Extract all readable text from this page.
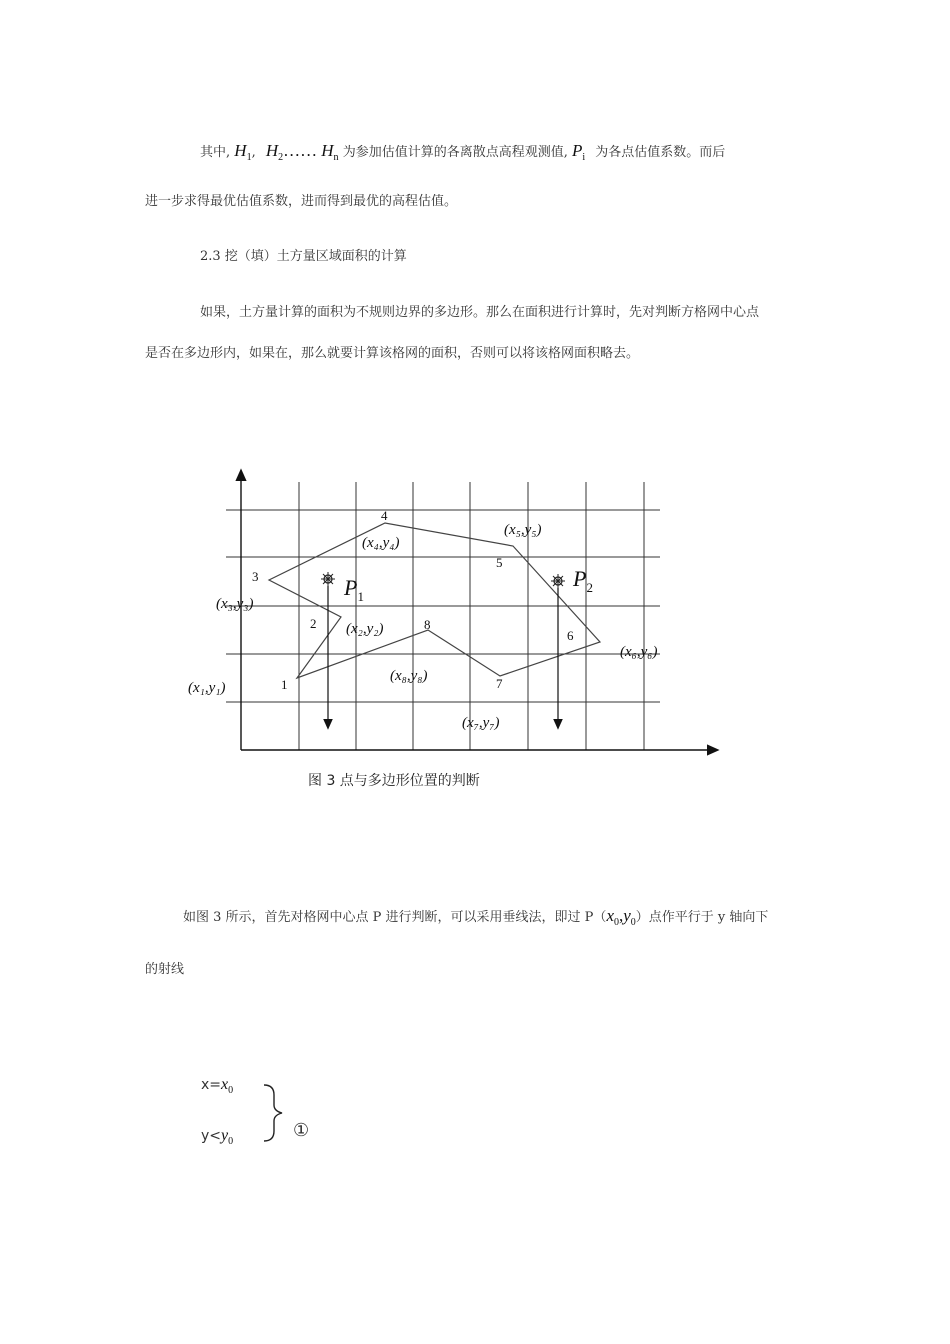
其中, $H_1$, $H_2\dots\dots$ $H_n$ 为参加估值计算的各离散点高程观测值, $P_i$ 为各点估值系数。而后
进一步求得最优估值系数，进而得到最优的高程估值。
2.3 挖（填）土方量区域面积的计算
如果，土方量计算的面积为不规则边界的多边形。那么在面积进行计算时，先对判断方格网中心点
是否在多边形内，如果在，那么就要计算该格网的面积，否则可以将该格网面积略去。
$P_1$
$P_2$
1
2
3
4
5
6
7
8
(x₁,y₁)
(x₂,y₂)
(x₃,y₃)
(x₄,y₄)
(x₅,y₅)
(x₆,y₆)
(x₇,y₇)
(x₈,y₈)
图 3 点与多边形位置的判断
如图 3 所示，首先对格网中心点 P 进行判断，可以采用垂线法，即过 $P(x_0,y_0)$点作平行于 y 轴向下
的射线
$x=x_0$
$y<y_0$
①
